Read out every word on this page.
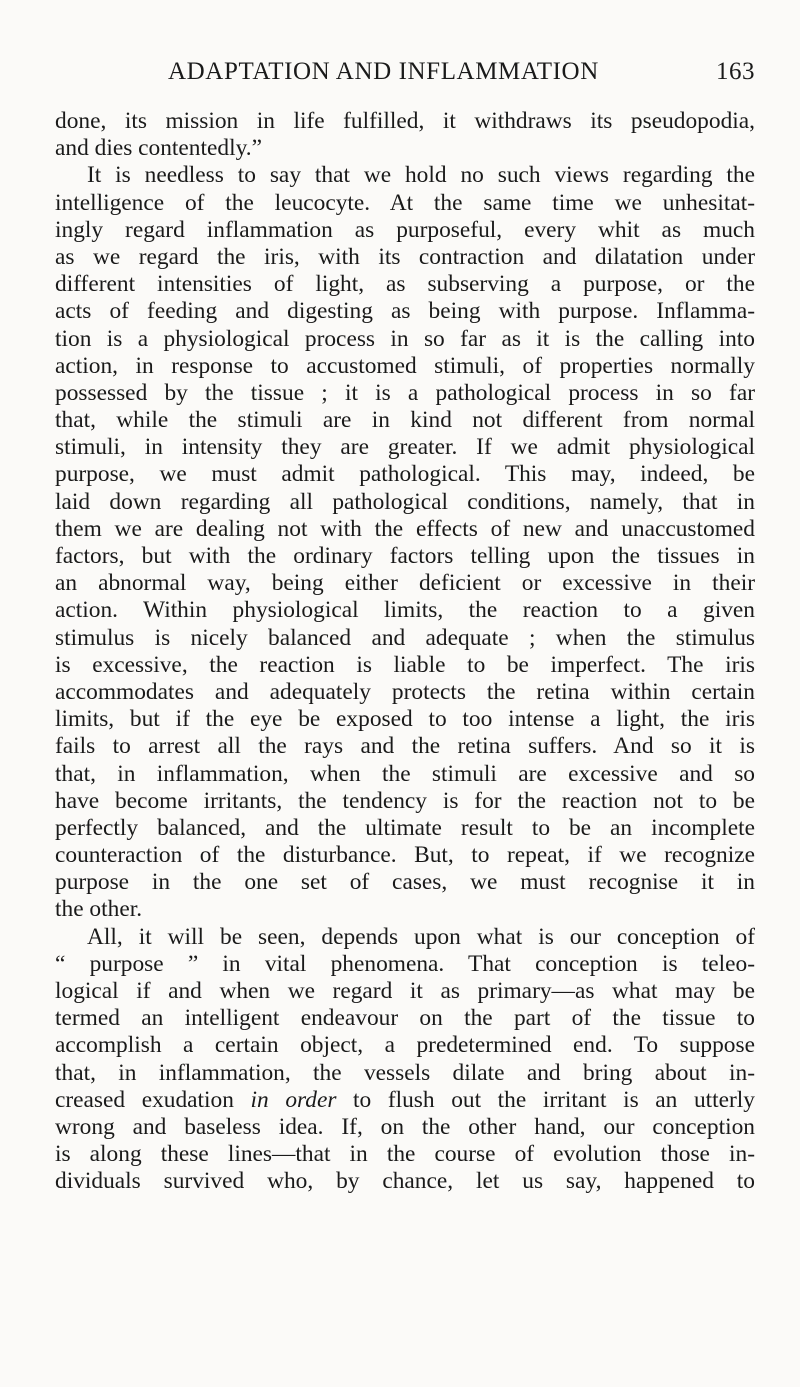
ADAPTATION AND INFLAMMATION	163
done, its mission in life fulfilled, it withdraws its pseudopodia,
and dies contentedly.”
It is needless to say that we hold no such views regarding the
intelligence of the leucocyte. At the same time we unhesitat-
ingly regard inflammation as purposeful, every whit as much
as we regard the iris, with its contraction and dilatation under
different intensities of light, as subserving a purpose, or the
acts of feeding and digesting as being with purpose. Inflamma-
tion is a physiological process in so far as it is the calling into
action, in response to accustomed stimuli, of properties normally
possessed by the tissue ; it is a pathological process in so far
that, while the stimuli are in kind not different from normal
stimuli, in intensity they are greater. If we admit physiological
purpose, we must admit pathological. This may, indeed, be
laid down regarding all pathological conditions, namely, that in
them we are dealing not with the effects of new and unaccustomed
factors, but with the ordinary factors telling upon the tissues in
an abnormal way, being either deficient or excessive in their
action. Within physiological limits, the reaction to a given
stimulus is nicely balanced and adequate ; when the stimulus
is excessive, the reaction is liable to be imperfect. The iris
accommodates and adequately protects the retina within certain
limits, but if the eye be exposed to too intense a light, the iris
fails to arrest all the rays and the retina suffers. And so it is
that, in inflammation, when the stimuli are excessive and so
have become irritants, the tendency is for the reaction not to be
perfectly balanced, and the ultimate result to be an incomplete
counteraction of the disturbance. But, to repeat, if we recognize
purpose in the one set of cases, we must recognise it in
the other.
All, it will be seen, depends upon what is our conception of
“ purpose ” in vital phenomena. That conception is teleo-
logical if and when we regard it as primary—as what may be
termed an intelligent endeavour on the part of the tissue to
accomplish a certain object, a predetermined end. To suppose
that, in inflammation, the vessels dilate and bring about in-
creased exudation in order to flush out the irritant is an utterly
wrong and baseless idea. If, on the other hand, our conception
is along these lines—that in the course of evolution those in-
dividuals survived who, by chance, let us say, happened to
